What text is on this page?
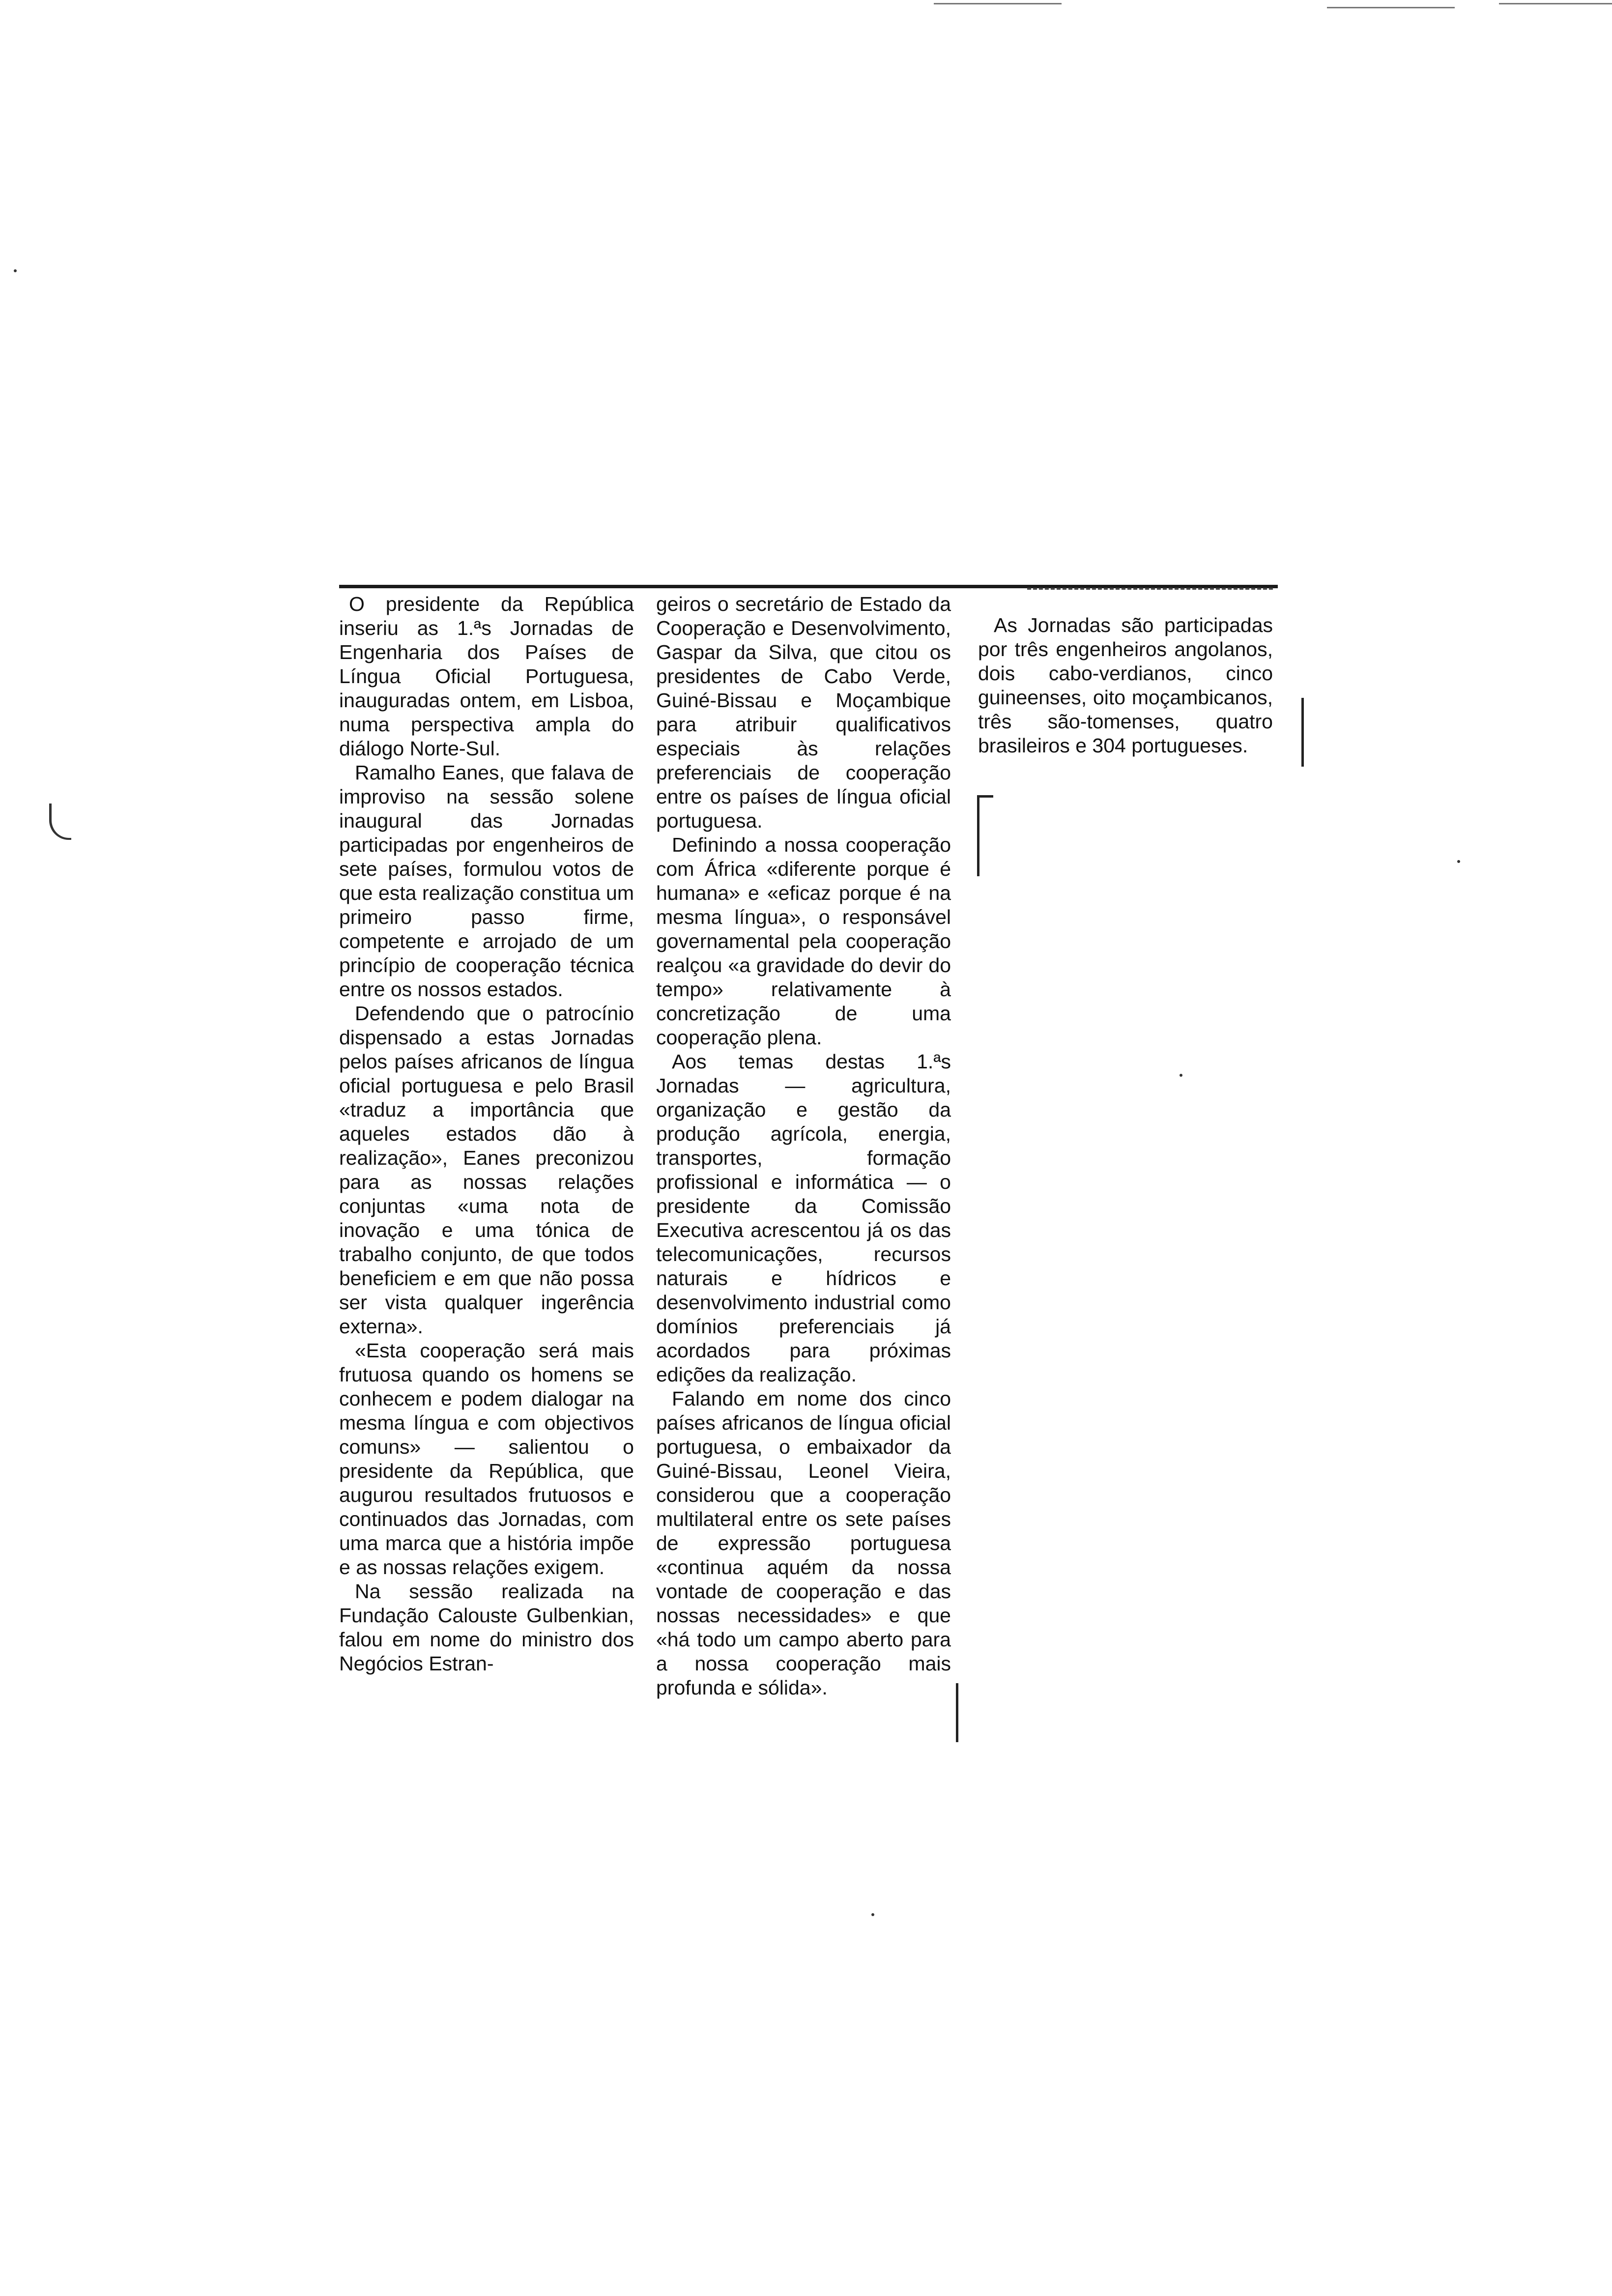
O presidente da República inseriu as 1.ªs Jornadas de Engenharia dos Países de Língua Oficial Portuguesa, inauguradas ontem, em Lisboa, numa perspectiva ampla do diálogo Norte-Sul.

Ramalho Eanes, que falava de improviso na sessão solene inaugural das Jornadas participadas por engenheiros de sete países, formulou votos de que esta realização constitua um primeiro passo firme, competente e arrojado de um princípio de cooperação técnica entre os nossos estados.

Defendendo que o patrocínio dispensado a estas Jornadas pelos países africanos de língua oficial portuguesa e pelo Brasil «traduz a importância que aqueles estados dão à realização», Eanes preconizou para as nossas relações conjuntas «uma nota de inovação e uma tónica de trabalho conjunto, de que todos beneficiem e em que não possa ser vista qualquer ingerência externa».

«Esta cooperação será mais frutuosa quando os homens se conhecem e podem dialogar na mesma língua e com objectivos comuns» — salientou o presidente da República, que augurou resultados frutuosos e continuados das Jornadas, com uma marca que a história impõe e as nossas relações exigem.

Na sessão realizada na Fundação Calouste Gulbenkian, falou em nome do ministro dos Negócios Estran-

geiros o secretário de Estado da Cooperação e Desenvolvimento, Gaspar da Silva, que citou os presidentes de Cabo Verde, Guiné-Bissau e Moçambique para atribuir qualificativos especiais às relações preferenciais de cooperação entre os países de língua oficial portuguesa.

Definindo a nossa cooperação com África «diferente porque é humana» e «eficaz porque é na mesma língua», o responsável governamental pela cooperação realçou «a gravidade do devir do tempo» relativamente à concretização de uma cooperação plena.

Aos temas destas 1.ªs Jornadas — agricultura, organização e gestão da produção agrícola, energia, transportes, formação profissional e informática — o presidente da Comissão Executiva acrescentou já os das telecomunicações, recursos naturais e hídricos e desenvolvimento industrial como domínios preferenciais já acordados para próximas edições da realização.

Falando em nome dos cinco países africanos de língua oficial portuguesa, o embaixador da Guiné-Bissau, Leonel Vieira, considerou que a cooperação multilateral entre os sete países de expressão portuguesa «continua aquém da nossa vontade de cooperação e das nossas necessidades» e que «há todo um campo aberto para a nossa cooperação mais profunda e sólida».

As Jornadas são participadas por três engenheiros angolanos, dois cabo-verdianos, cinco guineenses, oito moçambicanos, três são-tomenses, quatro brasileiros e 304 portugueses.
